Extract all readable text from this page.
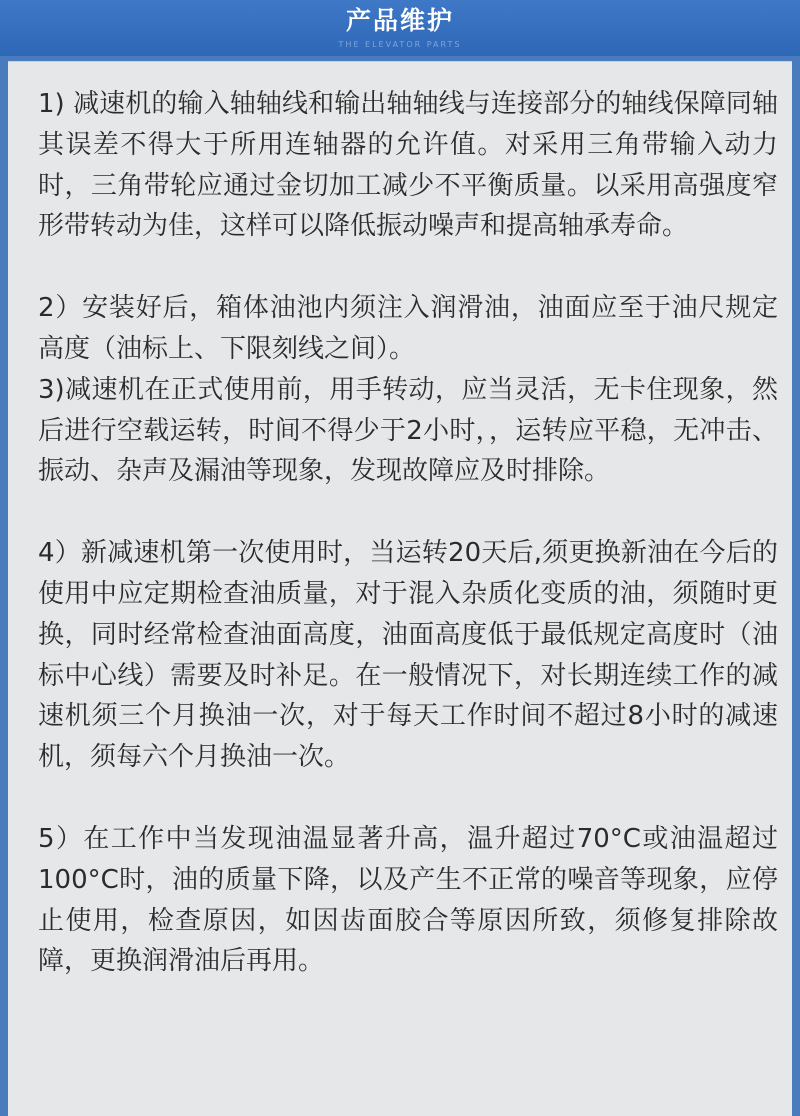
产品维护
THE ELEVATOR PARTS

1) 减速机的输入轴轴线和输出轴轴线与连接部分的轴线保障同轴其误差不得大于所用连轴器的允许值。对采用三角带输入动力时，三角带轮应通过金切加工减少不平衡质量。以采用高强度窄形带转动为佳，这样可以降低振动噪声和提高轴承寿命。

2）安装好后，箱体油池内须注入润滑油，油面应至于油尺规定高度（油标上、下限刻线之间）。

3)减速机在正式使用前，用手转动，应当灵活，无卡住现象，然后进行空载运转，时间不得少于2小时，，运转应平稳，无冲击、振动、杂声及漏油等现象，发现故障应及时排除。

4）新减速机第一次使用时，当运转20天后,须更换新油在今后的使用中应定期检查油质量，对于混入杂质化变质的油，须随时更换，同时经常检查油面高度，油面高度低于最低规定高度时（油标中心线）需要及时补足。在一般情况下，对长期连续工作的减速机须三个月换油一次，对于每天工作时间不超过8小时的减速机，须每六个月换油一次。

5）在工作中当发现油温显著升高，温升超过70°C或油温超过100°C时，油的质量下降，以及产生不正常的噪音等现象，应停止使用，检查原因，如因齿面胶合等原因所致，须修复排除故障，更换润滑油后再用。
